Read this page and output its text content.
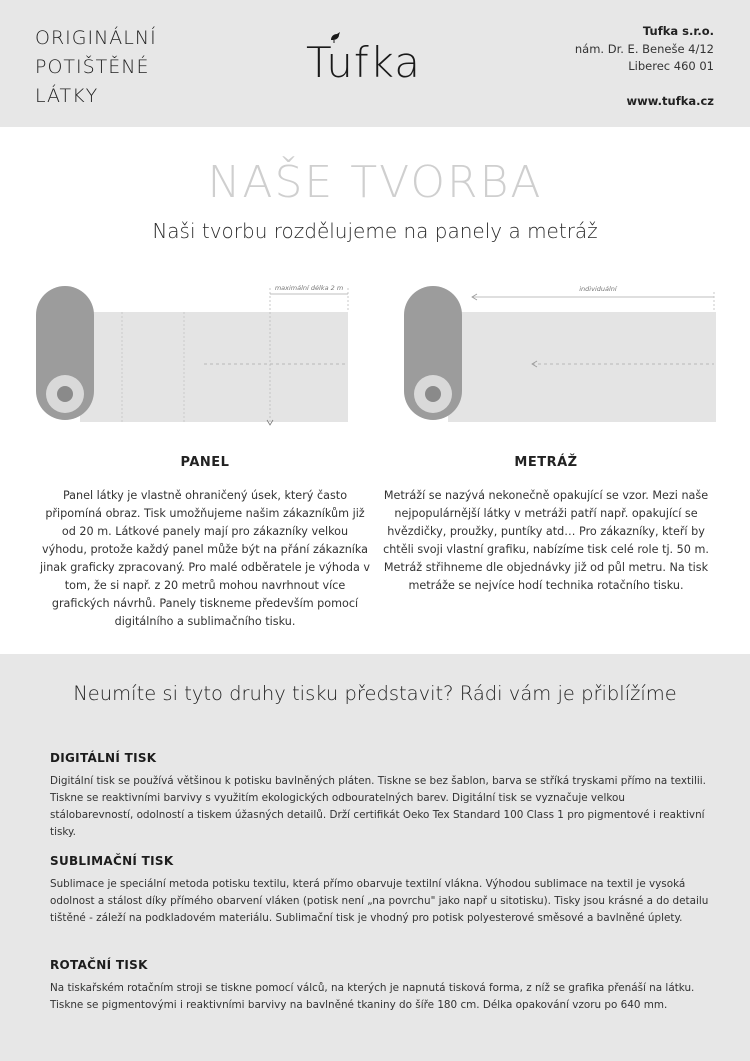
ORIGINÁLNÍ
POTIŠTĚNÉ
LÁTKY
Tufka
Tufka s.r.o.
nám. Dr. E. Beneše 4/12
Liberec 460 01
www.tufka.cz
NAŠE TVORBA
Naši tvorbu rozdělujeme na panely a metráž
maximální délka 2 m	individuální
PANEL
Panel látky je vlastně ohraničený úsek, který často připomíná obraz. Tisk umožňujeme našim zákazníkům již od 20 m. Látkové panely mají pro zákazníky velkou výhodu, protože každý panel může být na přání zákazníka jinak graficky zpracovaný. Pro malé odběratele je výhoda v tom, že si např. z 20 metrů mohou navrhnout více grafických návrhů. Panely tiskneme především pomocí digitálního a sublimačního tisku.
METRÁŽ
Metráží se nazývá nekonečně opakující se vzor. Mezi naše nejpopulárnější látky v metráži patří např. opakující se hvězdičky, proužky, puntíky atd… Pro zákazníky, kteří by chtěli svoji vlastní grafiku, nabízíme tisk celé role tj. 50 m. Metráž střihneme dle objednávky již od půl metru. Na tisk metráže se nejvíce hodí technika rotačního tisku.
Neumíte si tyto druhy tisku představit? Rádi vám je přiblížíme
DIGITÁLNÍ TISK
Digitální tisk se používá většinou k potisku bavlněných pláten. Tiskne se bez šablon, barva se stříká tryskami přímo na textilii. Tiskne se reaktivními barvivy s využitím ekologických odbouratelných barev. Digitální tisk se vyznačuje velkou stálobarevností, odolností a tiskem úžasných detailů. Drží certifikát Oeko Tex Standard 100 Class 1 pro pigmentové i reaktivní tisky.
SUBLIMAČNÍ TISK
Sublimace je speciální metoda potisku textilu, která přímo obarvuje textilní vlákna. Výhodou sublimace na textil je vysoká odolnost a stálost díky přímého obarvení vláken (potisk není „na povrchu" jako např u sitotisku). Tisky jsou krásné a do detailu tištěné - záleží na podkladovém materiálu. Sublimační tisk je vhodný pro potisk polyesterové směsové a bavlněné úplety.
ROTAČNÍ TISK
Na tiskařském rotačním stroji se tiskne pomocí válců, na kterých je napnutá tisková forma, z níž se grafika přenáší na látku. Tiskne se pigmentovými i reaktivními barvivy na bavlněné tkaniny do šíře 180 cm. Délka opakování vzoru po 640 mm.
